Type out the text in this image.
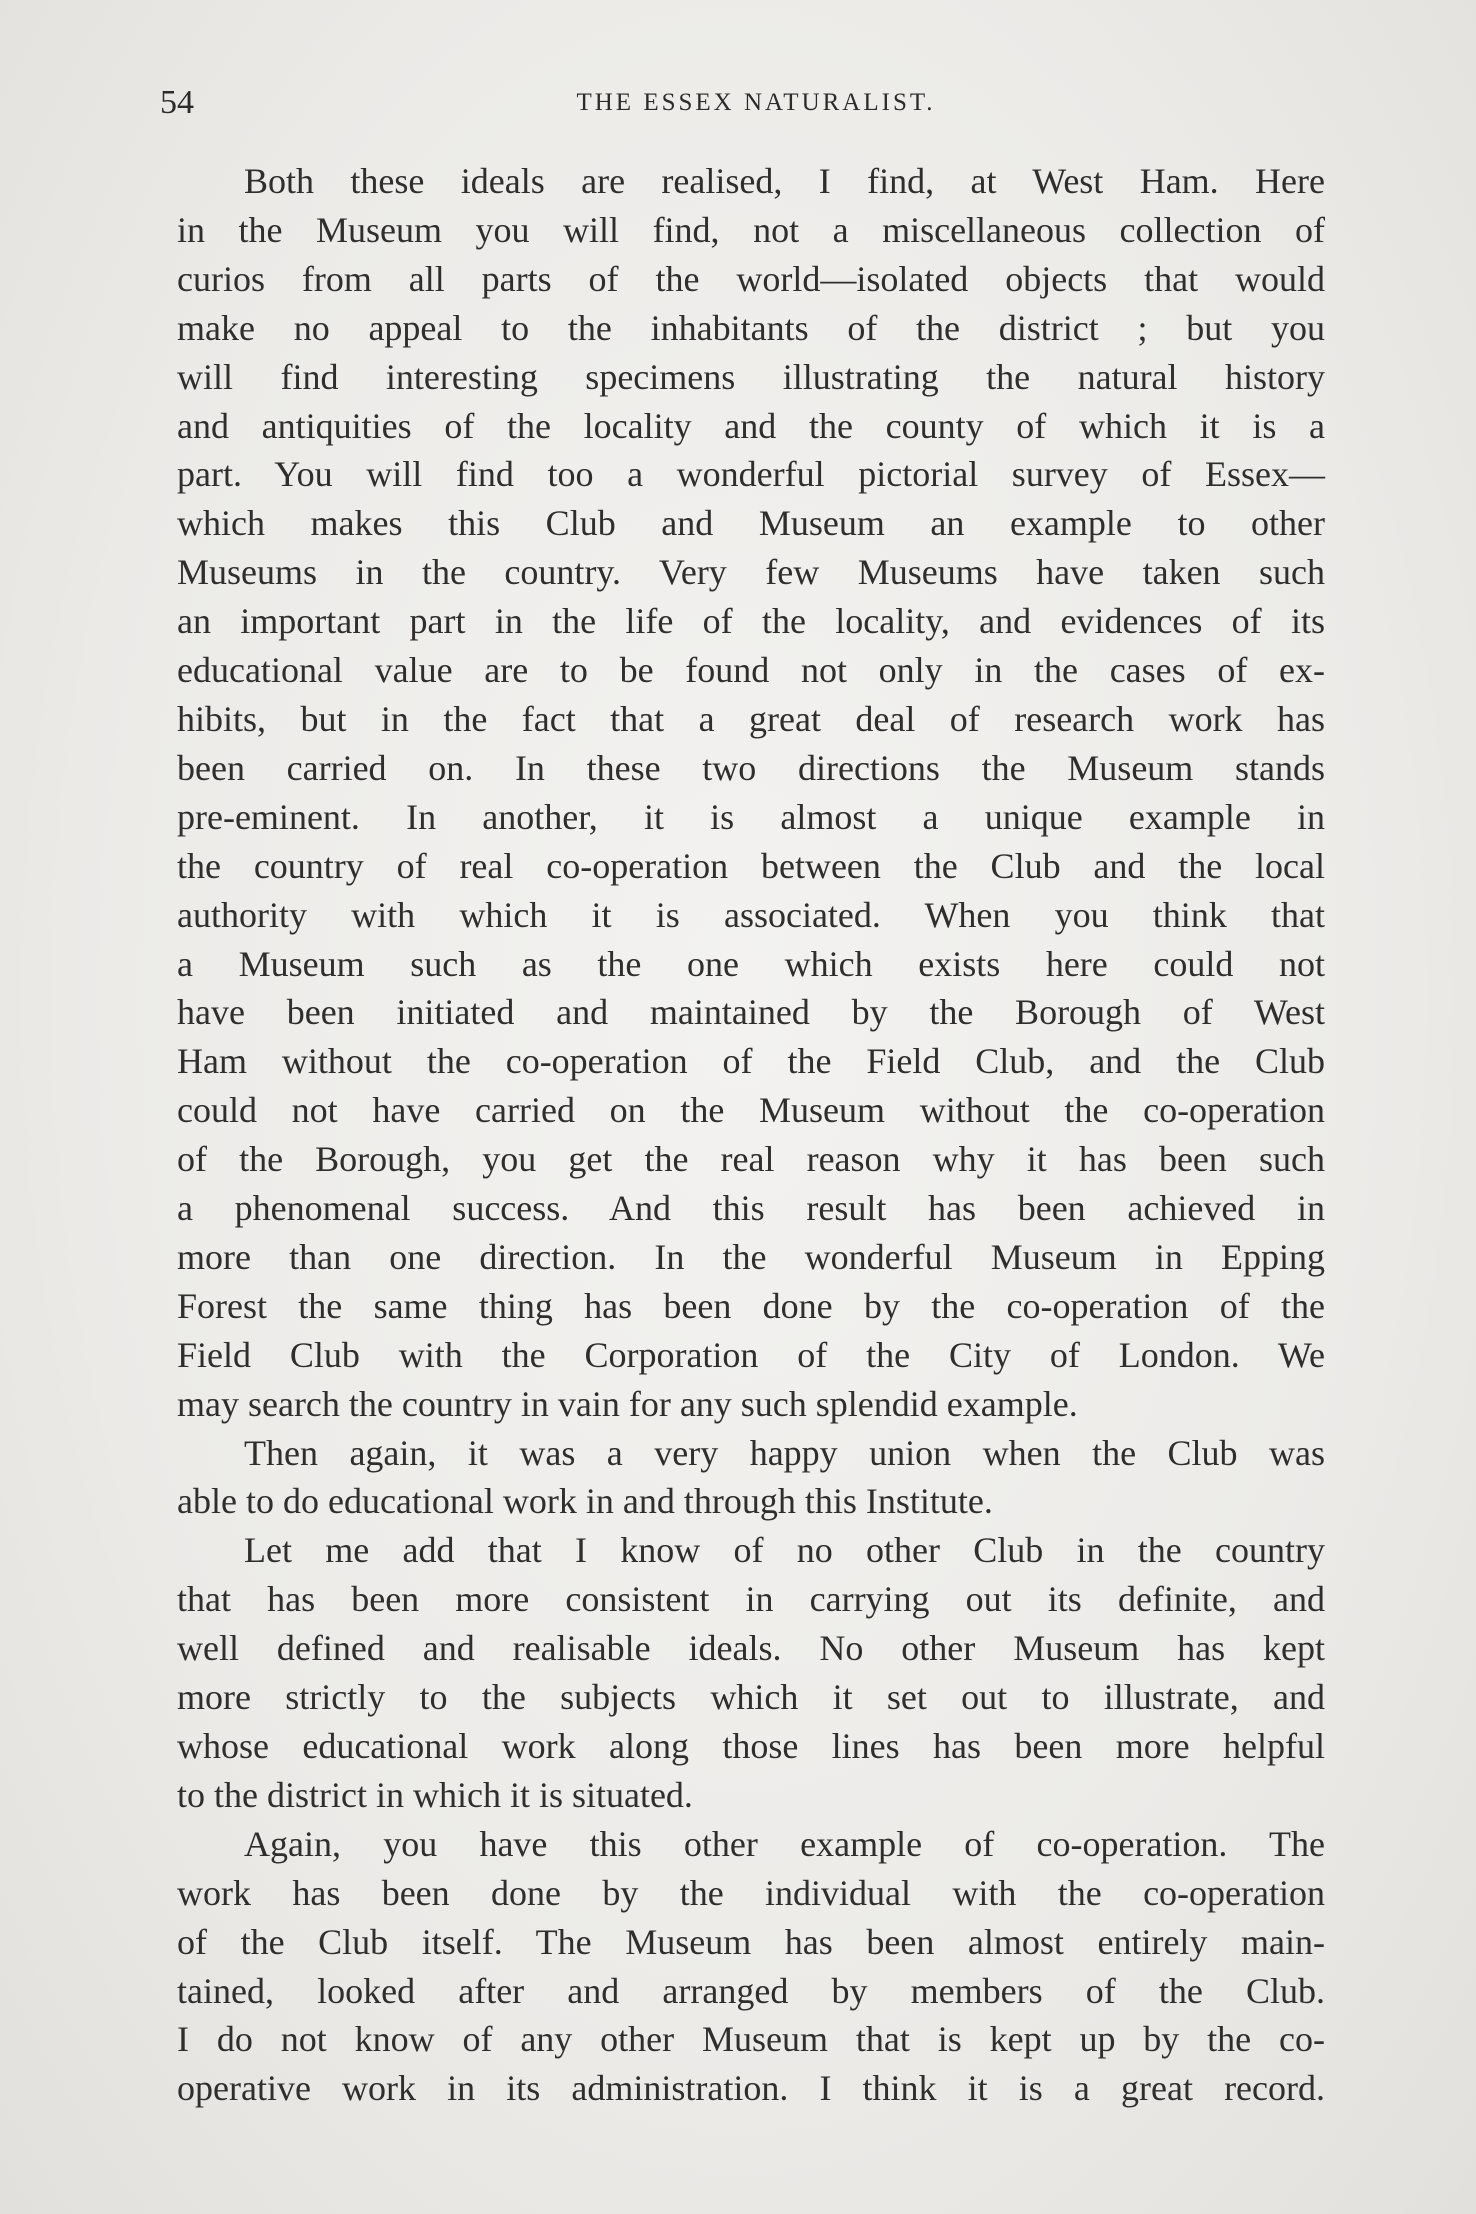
54	THE ESSEX NATURALIST.

Both these ideals are realised, I find, at West Ham. Here
in the Museum you will find, not a miscellaneous collection of
curios from all parts of the world—isolated objects that would
make no appeal to the inhabitants of the district ; but you
will find interesting specimens illustrating the natural history
and antiquities of the locality and the county of which it is a
part. You will find too a wonderful pictorial survey of Essex—
which makes this Club and Museum an example to other
Museums in the country. Very few Museums have taken such
an important part in the life of the locality, and evidences of its
educational value are to be found not only in the cases of ex-
hibits, but in the fact that a great deal of research work has
been carried on. In these two directions the Museum stands
pre-eminent. In another, it is almost a unique example in
the country of real co-operation between the Club and the local
authority with which it is associated. When you think that
a Museum such as the one which exists here could not
have been initiated and maintained by the Borough of West
Ham without the co-operation of the Field Club, and the Club
could not have carried on the Museum without the co-operation
of the Borough, you get the real reason why it has been such
a phenomenal success. And this result has been achieved in
more than one direction. In the wonderful Museum in Epping
Forest the same thing has been done by the co-operation of the
Field Club with the Corporation of the City of London. We
may search the country in vain for any such splendid example.

Then again, it was a very happy union when the Club was
able to do educational work in and through this Institute.

Let me add that I know of no other Club in the country
that has been more consistent in carrying out its definite, and
well defined and realisable ideals. No other Museum has kept
more strictly to the subjects which it set out to illustrate, and
whose educational work along those lines has been more helpful
to the district in which it is situated.

Again, you have this other example of co-operation. The
work has been done by the individual with the co-operation
of the Club itself. The Museum has been almost entirely main-
tained, looked after and arranged by members of the Club.
I do not know of any other Museum that is kept up by the co-
operative work in its administration. I think it is a great record.
